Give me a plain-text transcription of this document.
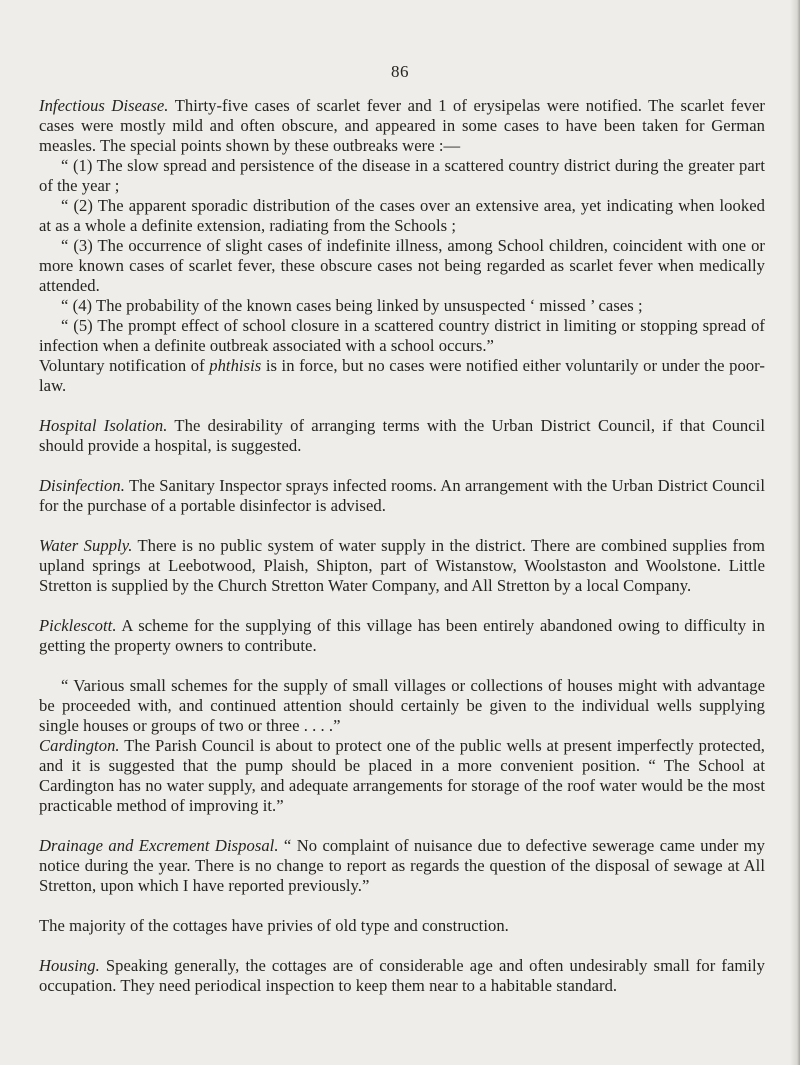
86

Infectious Disease. Thirty-five cases of scarlet fever and 1 of erysipelas were notified. The scarlet fever cases were mostly mild and often obscure, and appeared in some cases to have been taken for German measles. The special points shown by these outbreaks were :—

“ (1) The slow spread and persistence of the disease in a scattered country district during the greater part of the year ;

“ (2) The apparent sporadic distribution of the cases over an extensive area, yet indicating when looked at as a whole a definite extension, radiating from the Schools ;

“ (3) The occurrence of slight cases of indefinite illness, among School children, coincident with one or more known cases of scarlet fever, these obscure cases not being regarded as scarlet fever when medically attended.

“ (4) The probability of the known cases being linked by unsuspected ‘ missed ’ cases ;

“ (5) The prompt effect of school closure in a scattered country district in limiting or stopping spread of infection when a definite outbreak associated with a school occurs.”

Voluntary notification of phthisis is in force, but no cases were notified either voluntarily or under the poor-law.

Hospital Isolation. The desirability of arranging terms with the Urban District Council, if that Council should provide a hospital, is suggested.

Disinfection. The Sanitary Inspector sprays infected rooms. An arrangement with the Urban District Council for the purchase of a portable disinfector is advised.

Water Supply. There is no public system of water supply in the district. There are combined supplies from upland springs at Leebotwood, Plaish, Shipton, part of Wistanstow, Woolstaston and Woolstone. Little Stretton is supplied by the Church Stretton Water Company, and All Stretton by a local Company.

Picklescott. A scheme for the supplying of this village has been entirely abandoned owing to difficulty in getting the property owners to contribute.

“ Various small schemes for the supply of small villages or collections of houses might with advantage be proceeded with, and continued attention should certainly be given to the individual wells supplying single houses or groups of two or three . . . .”

Cardington. The Parish Council is about to protect one of the public wells at present imperfectly protected, and it is suggested that the pump should be placed in a more convenient position. “ The School at Cardington has no water supply, and adequate arrangements for storage of the roof water would be the most practicable method of improving it.”

Drainage and Excrement Disposal. “ No complaint of nuisance due to defective sewerage came under my notice during the year. There is no change to report as regards the question of the disposal of sewage at All Stretton, upon which I have reported previously.”

The majority of the cottages have privies of old type and construction.

Housing. Speaking generally, the cottages are of considerable age and often undesirably small for family occupation. They need periodical inspection to keep them near to a habitable standard.
